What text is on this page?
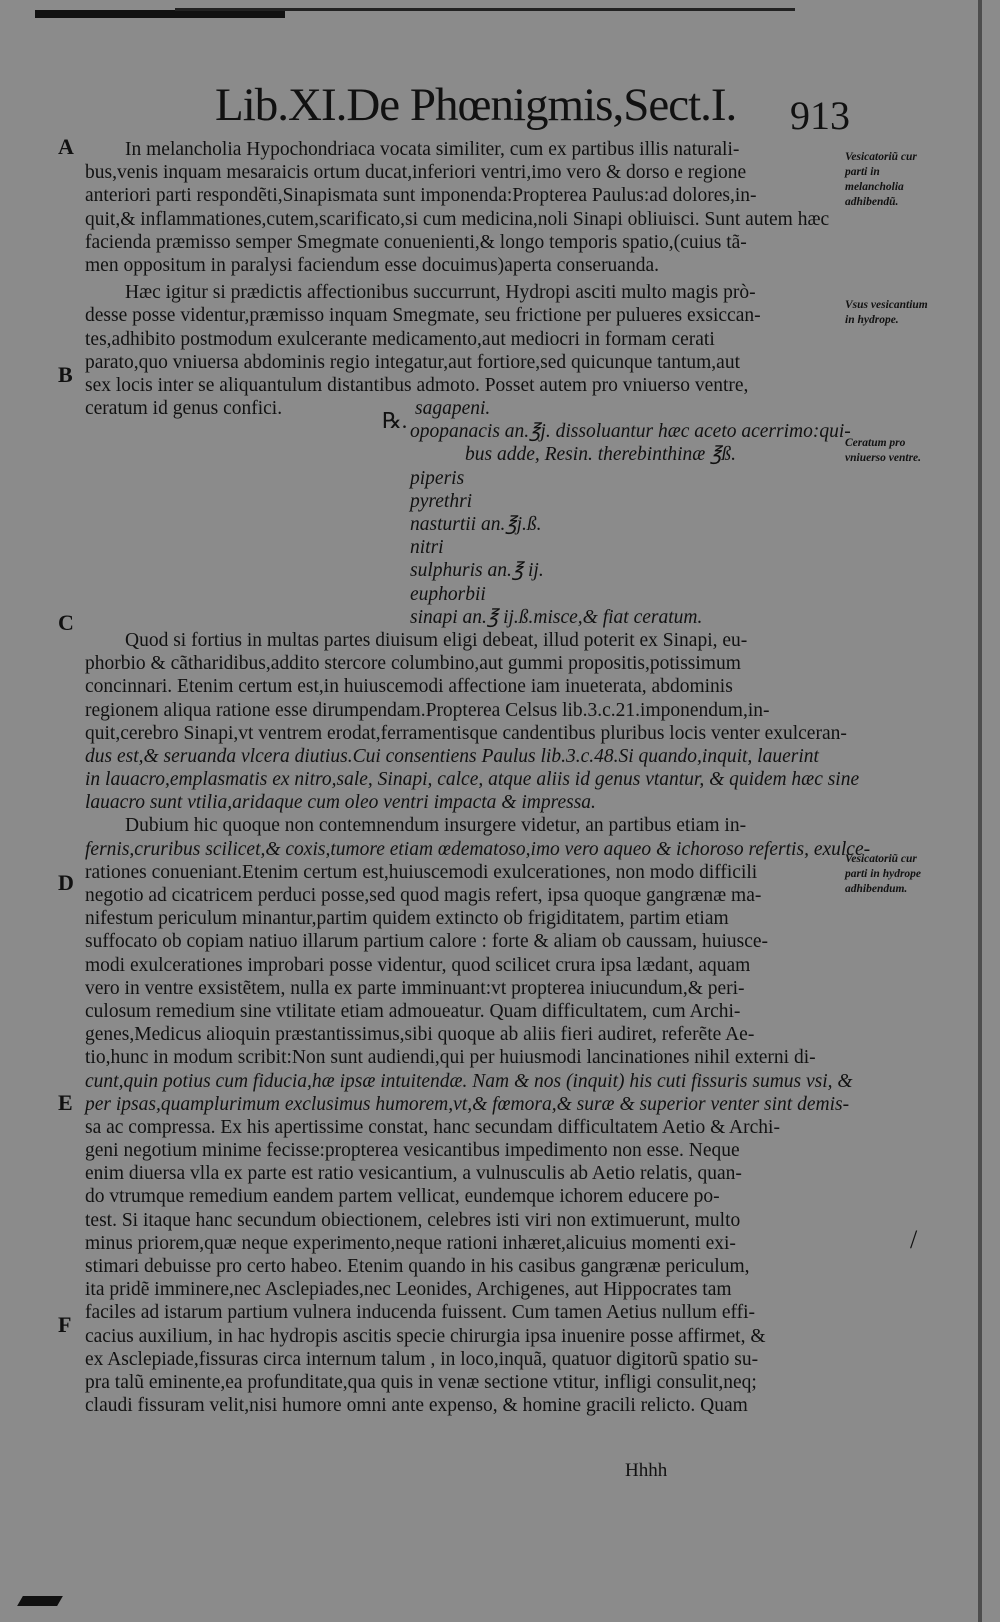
Lib.XI.De Phœnigmis,Sect.I. 913
A
B
C
D
E
F
Vesicatoriũ cur parti in melancholia adhibendũ.
Vsus vesicantium in hydrope.
Ceratum pro vniuerso ventre.
Vesicatoriũ cur parti in hydrope adhibendum.
℞.
In melancholia Hypochondriaca vocata similiter, cum ex partibus illis naturali-
bus,venis inquam mesaraicis ortum ducat,inferiori ventri,imo vero & dorso e regione
anteriori parti respondẽti,Sinapismata sunt imponenda:Propterea Paulus:ad dolores,in-
quit,& inflammationes,cutem,scarificato,si cum medicina,noli Sinapi obliuisci. Sunt autem hæc
facienda præmisso semper Smegmate conuenienti,& longo temporis spatio,(cuius tã-
men oppositum in paralysi faciendum esse docuimus)aperta conseruanda.
Hæc igitur si prædictis affectionibus succurrunt, Hydropi asciti multo magis prò-
desse posse videntur,præmisso inquam Smegmate, seu frictione per pulueres exsiccan-
tes,adhibito postmodum exulcerante medicamento,aut mediocri in formam cerati
parato,quo vniuersa abdominis regio integatur,aut fortiore,sed quicunque tantum,aut
sex locis inter se aliquantulum distantibus admoto. Posset autem pro vniuerso ventre,
ceratum id genus confici.	sagapeni.
opopanacis an.℥j. dissoluantur hæc aceto acerrimo:qui-
bus adde, Resin. therebinthinæ ℥ß.
piperis
pyrethri
nasturtii an.℥j.ß.
nitri
sulphuris an.℥ ij.
euphorbii
sinapi an.℥ ij.ß.misce,& fiat ceratum.
Quod si fortius in multas partes diuisum eligi debeat, illud poterit ex Sinapi, eu-
phorbio & cãtharidibus,addito stercore columbino,aut gummi propositis,potissimum
concinnari. Etenim certum est,in huiuscemodi affectione iam inueterata, abdominis
regionem aliqua ratione esse dirumpendam.Propterea Celsus lib.3.c.21.imponendum,in-
quit,cerebro Sinapi,vt ventrem erodat,ferramentisque candentibus pluribus locis venter exulceran-
dus est,& seruanda vlcera diutius.Cui consentiens Paulus lib.3.c.48.Si quando,inquit, lauerint
in lauacro,emplasmatis ex nitro,sale, Sinapi, calce, atque aliis id genus vtantur, & quidem hæc sine
lauacro sunt vtilia,aridaque cum oleo ventri impacta & impressa.
Dubium hic quoque non contemnendum insurgere videtur, an partibus etiam in-
fernis,cruribus scilicet,& coxis,tumore etiam œdematoso,imo vero aqueo & ichoroso refertis, exulce-
rationes conueniant.Etenim certum est,huiuscemodi exulcerationes, non modo difficili
negotio ad cicatricem perduci posse,sed quod magis refert, ipsa quoque gangrænæ ma-
nifestum periculum minantur,partim quidem extincto ob frigiditatem, partim etiam
suffocato ob copiam natiuo illarum partium calore : forte & aliam ob caussam, huiusce-
modi exulcerationes improbari posse videntur, quod scilicet crura ipsa lædant, aquam
vero in ventre exsistẽtem, nulla ex parte imminuant:vt propterea iniucundum,& peri-
culosum remedium sine vtilitate etiam admoueatur. Quam difficultatem, cum Archi-
genes,Medicus alioquin præstantissimus,sibi quoque ab aliis fieri audiret, referẽte Ae-
tio,hunc in modum scribit:Non sunt audiendi,qui per huiusmodi lancinationes nihil externi di-
cunt,quin potius cum fiducia,hæ ipsæ intuitendæ. Nam & nos (inquit) his cuti fissuris sumus vsi, &
per ipsas,quamplurimum exclusimus humorem,vt,& fœmora,& suræ & superior venter sint demis-
sa ac compressa. Ex his apertissime constat, hanc secundam difficultatem Aetio & Archi-
geni negotium minime fecisse:propterea vesicantibus impedimento non esse. Neque
enim diuersa vlla ex parte est ratio vesicantium, a vulnusculis ab Aetio relatis, quan-
do vtrumque remedium eandem partem vellicat, eundemque ichorem educere po-
test. Si itaque hanc secundum obiectionem, celebres isti viri non extimuerunt, multo
minus priorem,quæ neque experimento,neque rationi inhæret,alicuius momenti exi-
stimari debuisse pro certo habeo. Etenim quando in his casibus gangrænæ periculum,
ita pridẽ imminere,nec Asclepiades,nec Leonides, Archigenes, aut Hippocrates tam
faciles ad istarum partium vulnera inducenda fuissent. Cum tamen Aetius nullum effi-
cacius auxilium, in hac hydropis ascitis specie chirurgia ipsa inuenire posse affirmet, &
ex Asclepiade,fissuras circa internum talum , in loco,inquã, quatuor digitorũ spatio su-
pra talũ eminente,ea profunditate,qua quis in venæ sectione vtitur, infligi consulit,neq;
claudi fissuram velit,nisi humore omni ante expenso, & homine gracili relicto. Quam
Hhhh
/
